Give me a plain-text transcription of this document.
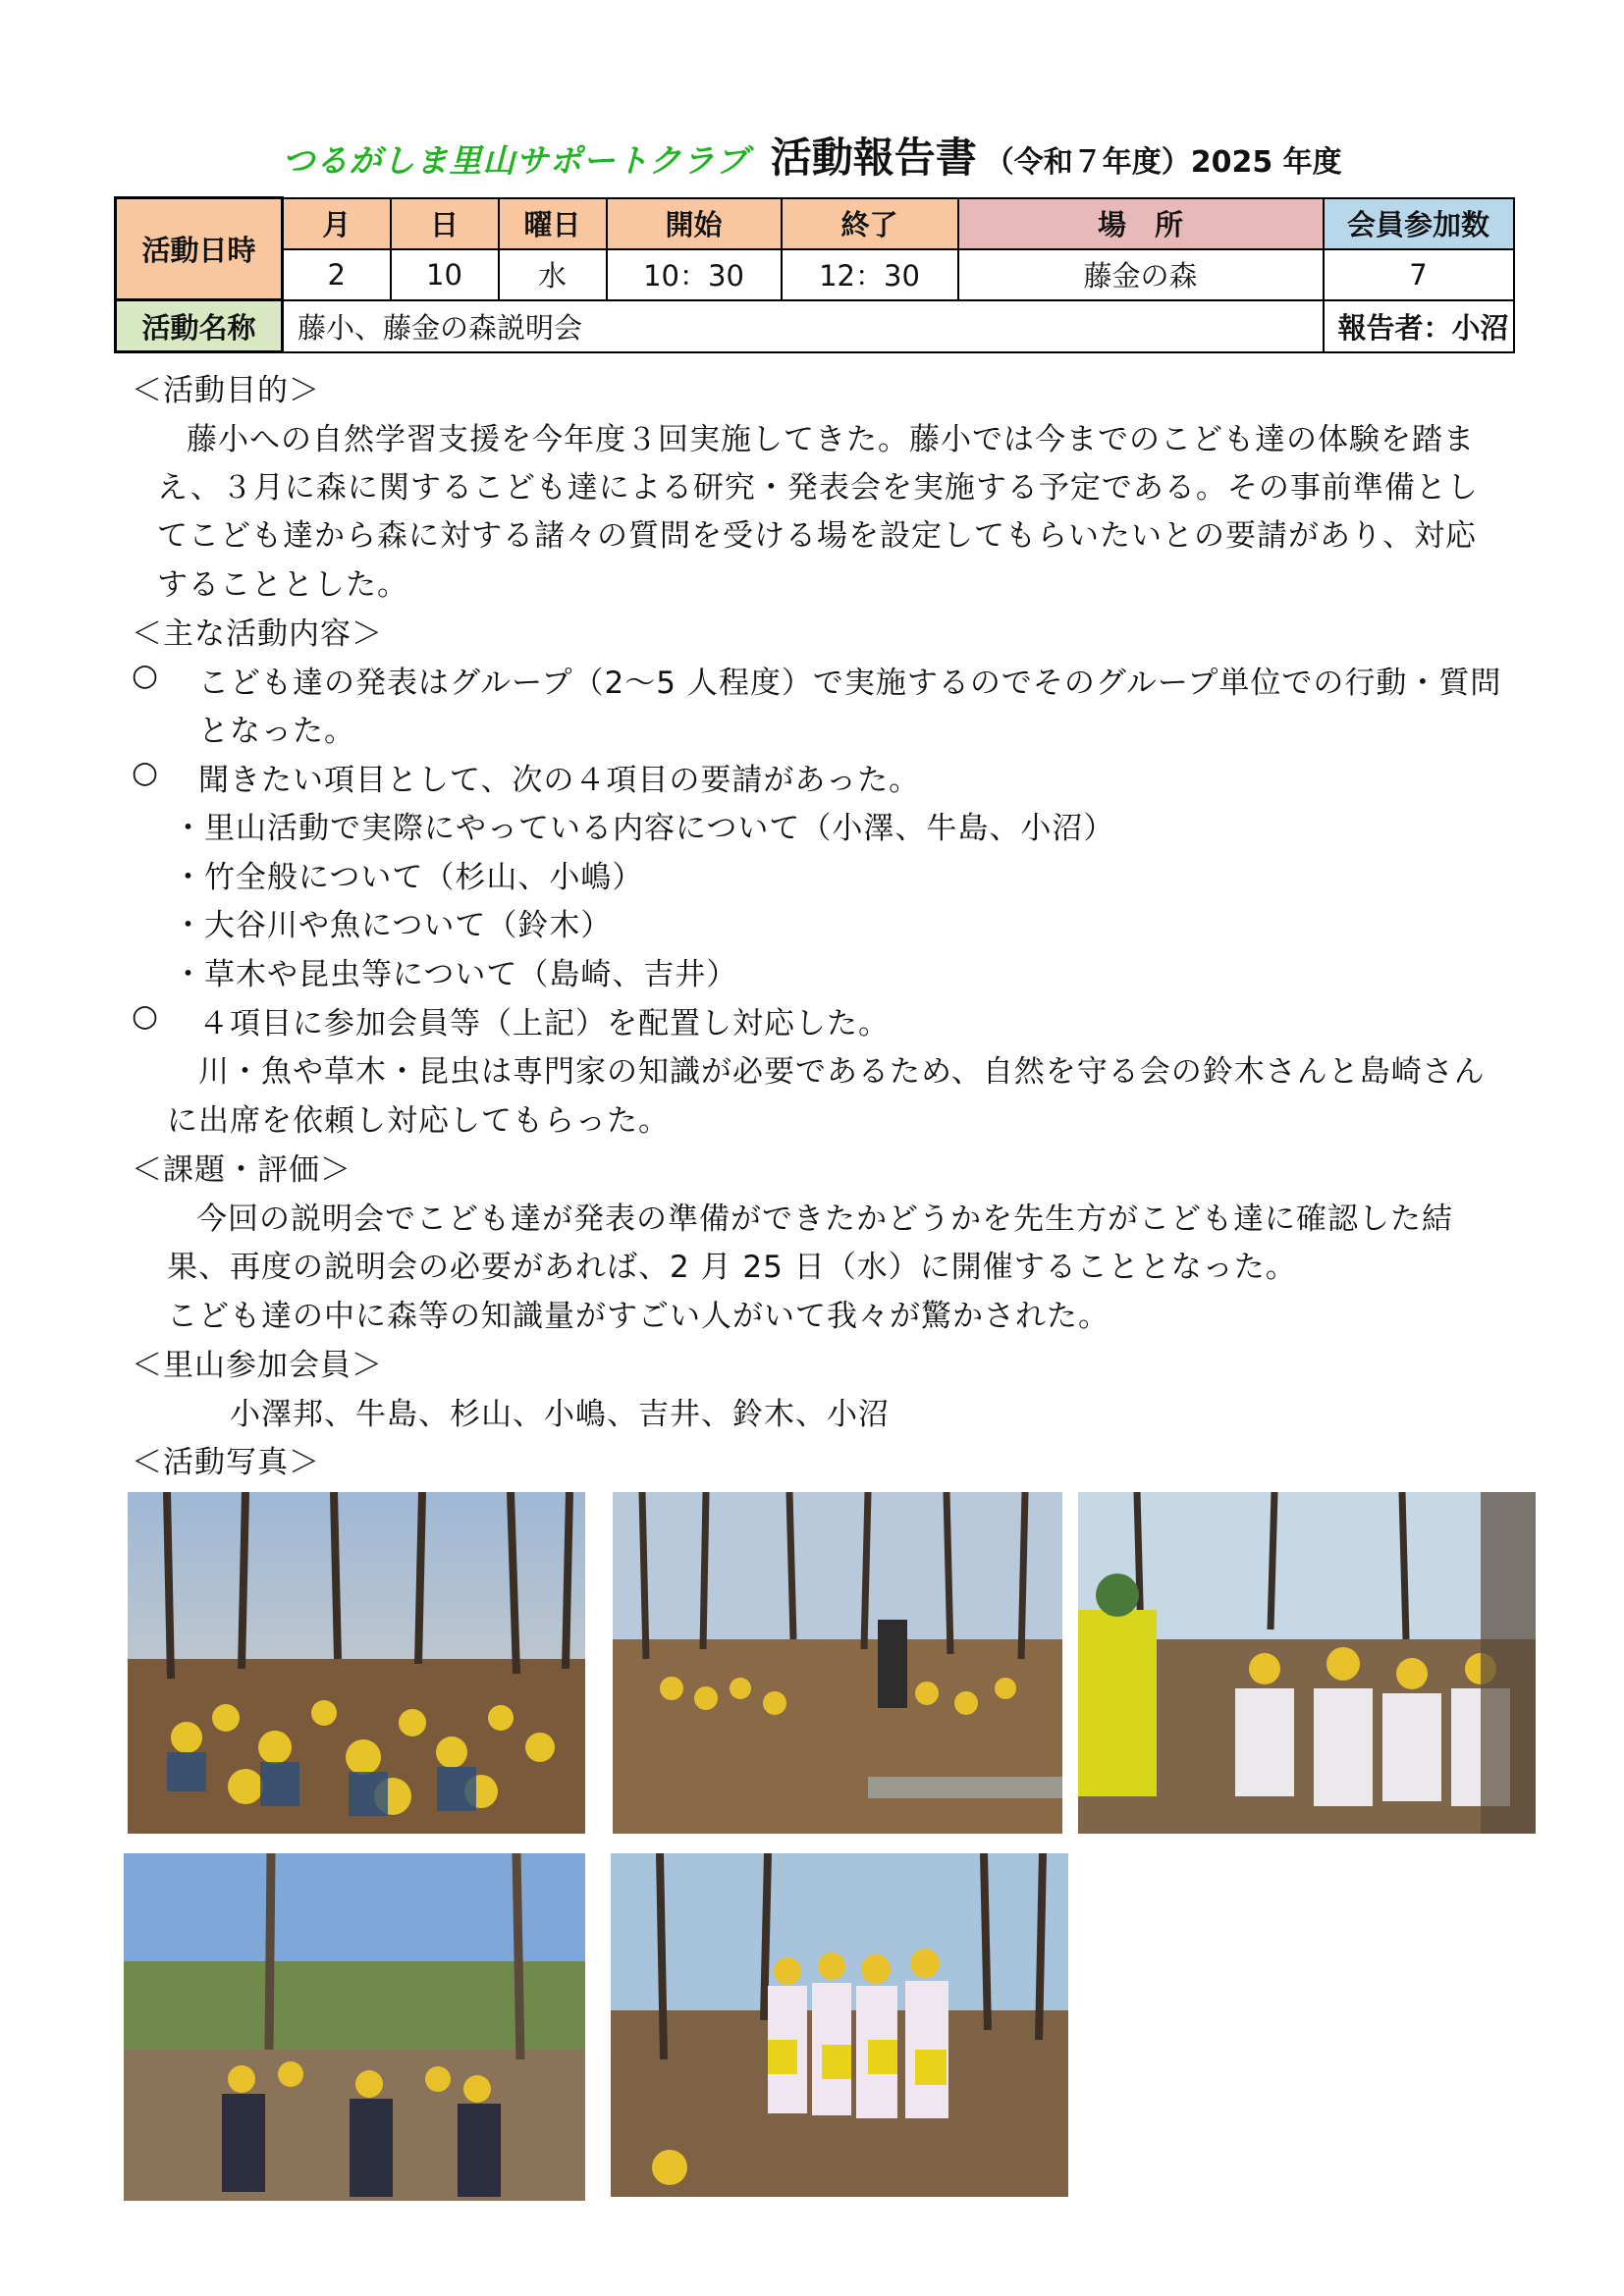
つるがしま里山サポートクラブ 活動報告書 （令和７年度）2025 年度
活動日時	月	日	曜日	開始	終了	場　所	会員参加数
	2	10	水	10：30	12：30	藤金の森	7
活動名称	藤小、藤金の森説明会						報告者：小沼
＜活動目的＞
藤小への自然学習支援を今年度３回実施してきた。藤小では今までのこども達の体験を踏ま
え、３月に森に関するこども達による研究・発表会を実施する予定である。その事前準備とし
てこども達から森に対する諸々の質問を受ける場を設定してもらいたいとの要請があり、対応
することとした。
＜主な活動内容＞
○ こども達の発表はグループ（2～5 人程度）で実施するのでそのグループ単位での行動・質問
となった。
○ 聞きたい項目として、次の４項目の要請があった。
・里山活動で実際にやっている内容について（小澤、牛島、小沼）
・竹全般について（杉山、小嶋）
・大谷川や魚について（鈴木）
・草木や昆虫等について（島崎、吉井）
○ ４項目に参加会員等（上記）を配置し対応した。
川・魚や草木・昆虫は専門家の知識が必要であるため、自然を守る会の鈴木さんと島崎さん
に出席を依頼し対応してもらった。
＜課題・評価＞
今回の説明会でこども達が発表の準備ができたかどうかを先生方がこども達に確認した結
果、再度の説明会の必要があれば、2 月 25 日（水）に開催することとなった。
こども達の中に森等の知識量がすごい人がいて我々が驚かされた。
＜里山参加会員＞
小澤邦、牛島、杉山、小嶋、吉井、鈴木、小沼
＜活動写真＞
